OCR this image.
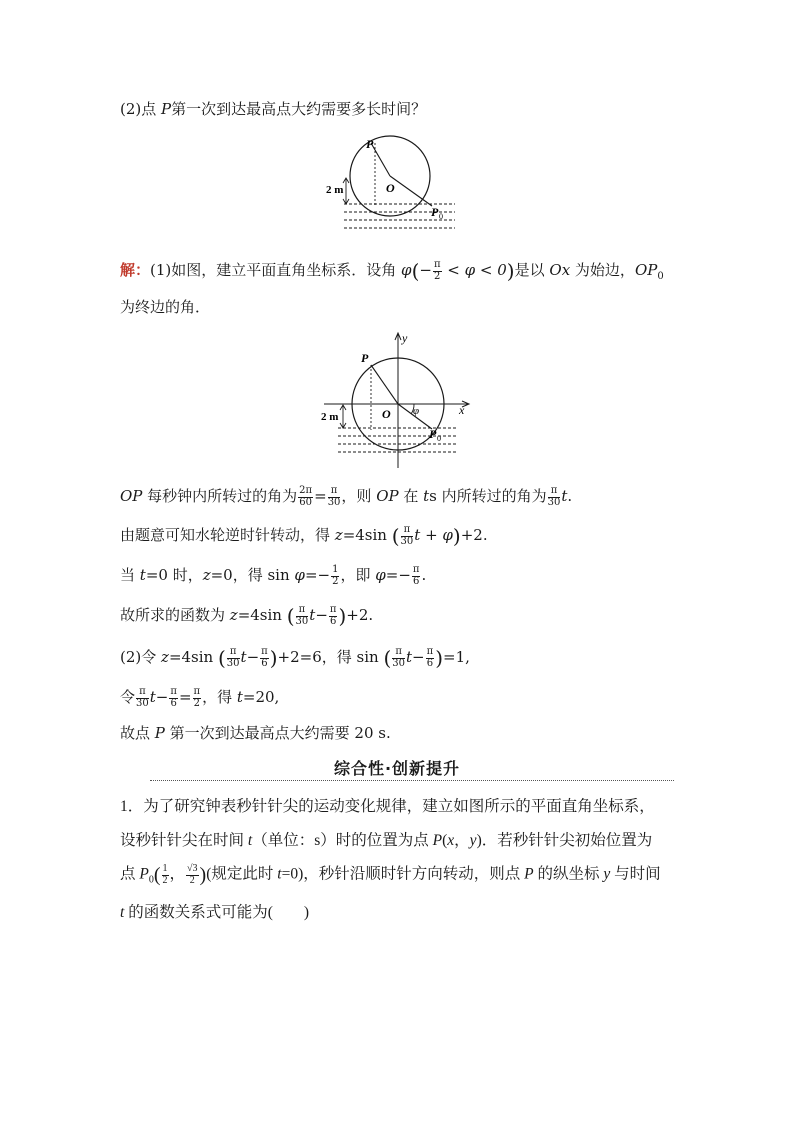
(2)点 P第一次到达最高点大约需要多长时间？
P
O
2 m
P 0
解：(1)如图，建立平面直角坐标系．设角 $\varphi(- \frac{\pi}{2} < \varphi < 0)$是以 Ox 为始边，$OP_0$
为终边的角．
y
P
O φ	x
2 m
P 0
OP 每秒钟内所转过的角为 $\frac{2\pi}{60} = \frac{\pi}{30}$ ，则 OP 在 ts 内所转过的角为 $\frac{\pi}{30} t$.
由题意可知水轮逆时针转动，得 z=4sin ( $\frac{\pi}{30}$ t + φ)+2.
当 t=0 时，z=0，得 $\sin \varphi=- \frac{1}{2}$ ，即 $\varphi=- \frac{\pi}{6}$ .
故所求的函数为 z=4sin ( $\frac{\pi}{30} t- \frac{\pi}{6} )+2$.
(2)令 z=4sin ( $\frac{\pi}{30} t- \frac{\pi}{6} )+2=6$，得 sin ( $\frac{\pi}{30} t- \frac{\pi}{6} )=1$,
令 $\frac{\pi}{30} t- \frac{\pi}{6} = \frac{\pi}{2}$ ，得 t=20,
故点 P 第一次到达最高点大约需要 20 s.
综合性·创新提升
1．为了研究钟表秒针针尖的运动变化规律，建立如图所示的平面直角坐标系，
设秒针针尖在时间 t（单位：s）时的位置为点 P(x，y)．若秒针针尖初始位置为
点 $P_0( \frac{1}{2}$ ， $\frac{√3}{2}$ )(规定此时 t=0)，秒针沿顺时针方向转动，则点 P 的纵坐标 y 与时间
t 的函数关系式可能为(　　)
